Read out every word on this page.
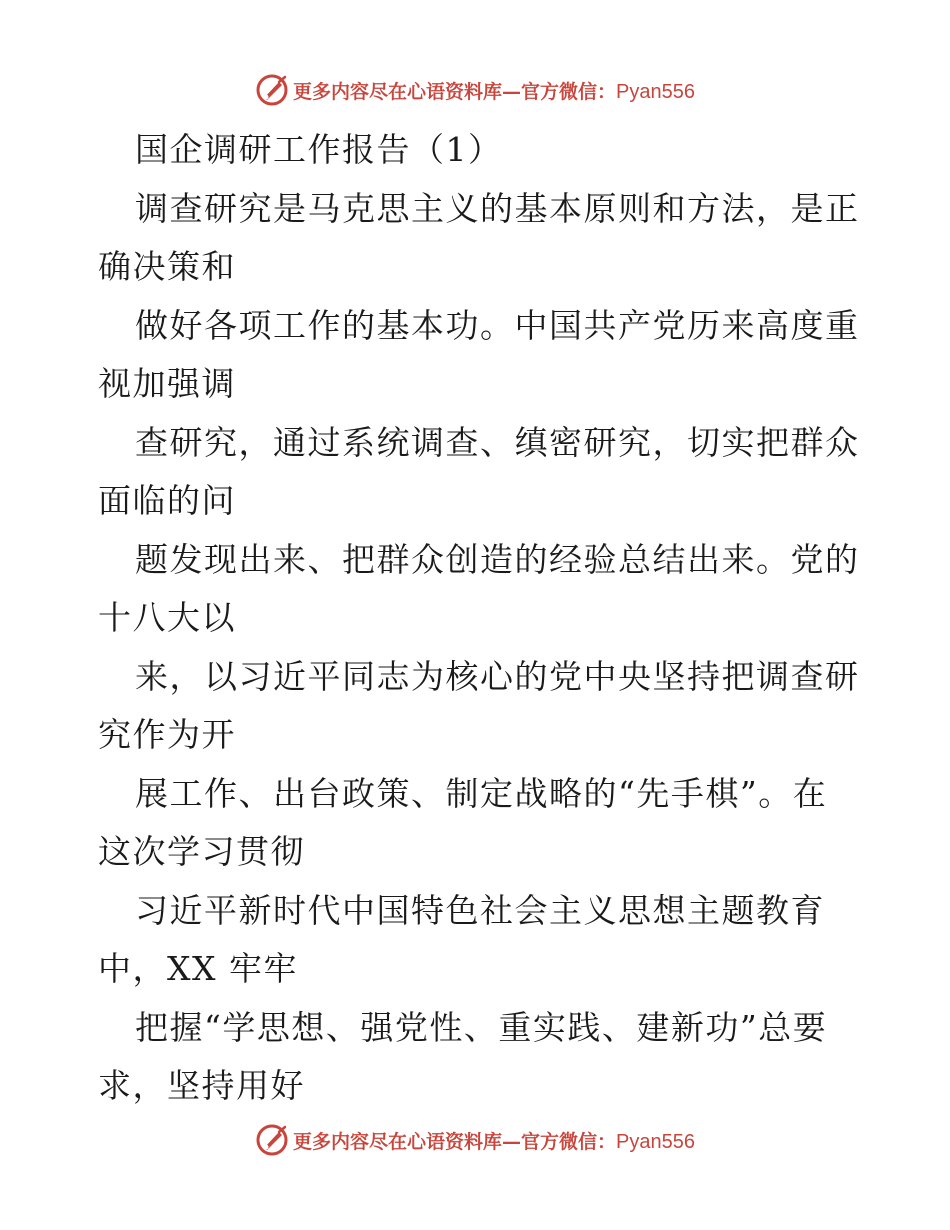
更多内容尽在心语资料库—官方微信：Pyan556
国企调研工作报告（1）
调查研究是马克思主义的基本原则和方法，是正
确决策和
做好各项工作的基本功。中国共产党历来高度重
视加强调
查研究，通过系统调查、缜密研究，切实把群众
面临的问
题发现出来、把群众创造的经验总结出来。党的
十八大以
来，以习近平同志为核心的党中央坚持把调查研
究作为开
展工作、出台政策、制定战略的“先手棋”。在
这次学习贯彻
习近平新时代中国特色社会主义思想主题教育
中，XX 牢牢
把握“学思想、强党性、重实践、建新功”总要
求，坚持用好
更多内容尽在心语资料库—官方微信：Pyan556
